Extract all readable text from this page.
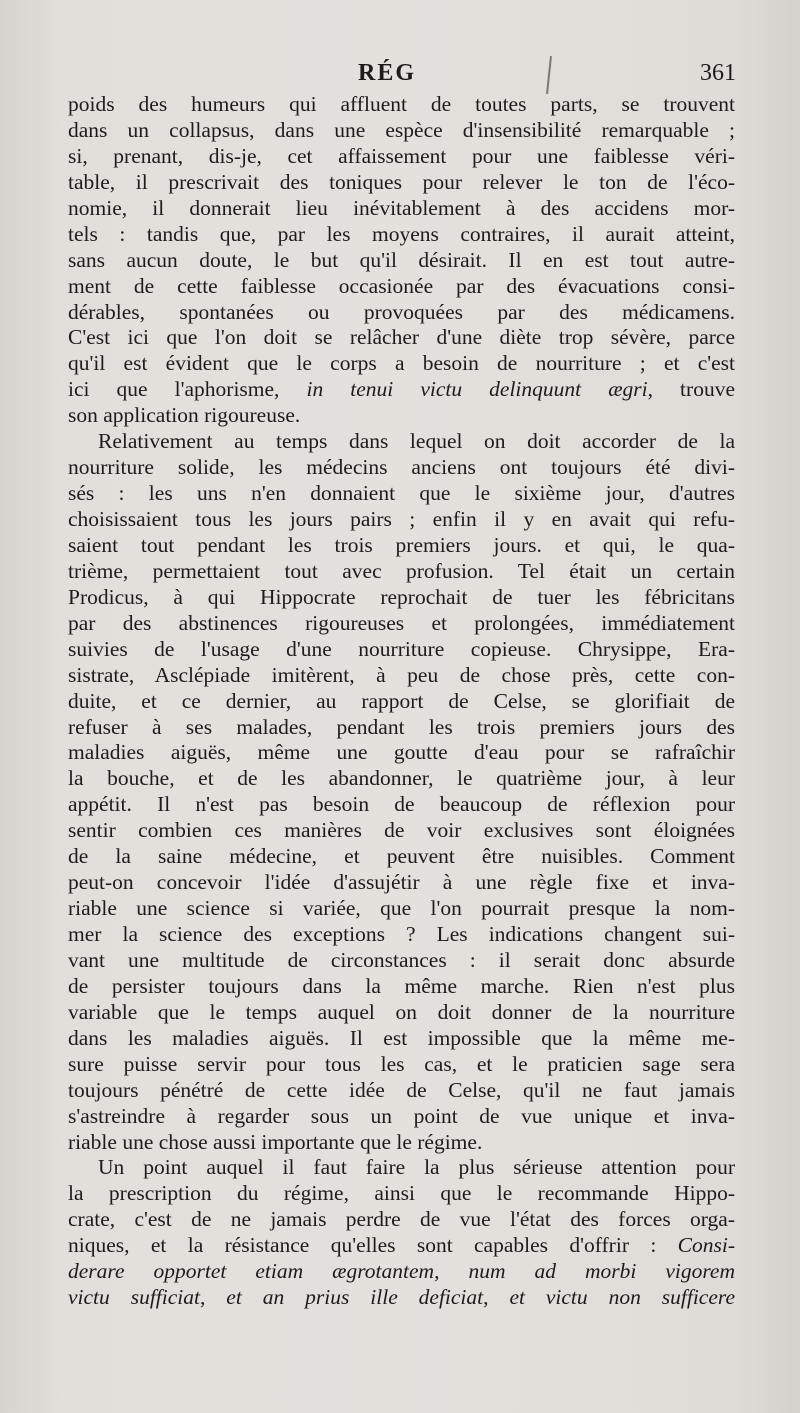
RÉG	361
poids des humeurs qui affluent de toutes parts, se trouvent
dans un collapsus, dans une espèce d'insensibilité remarquable ;
si, prenant, dis-je, cet affaissement pour une faiblesse véri-
table, il prescrivait des toniques pour relever le ton de l'éco-
nomie, il donnerait lieu inévitablement à des accidens mor-
tels : tandis que, par les moyens contraires, il aurait atteint,
sans aucun doute, le but qu'il désirait. Il en est tout autre-
ment de cette faiblesse occasionée par des évacuations consi-
dérables, spontanées ou provoquées par des médicamens.
C'est ici que l'on doit se relâcher d'une diète trop sévère, parce
qu'il est évident que le corps a besoin de nourriture ; et c'est
ici que l'aphorisme, in tenui victu delinquunt ægri, trouve
son application rigoureuse.
Relativement au temps dans lequel on doit accorder de la
nourriture solide, les médecins anciens ont toujours été divi-
sés : les uns n'en donnaient que le sixième jour, d'autres
choisissaient tous les jours pairs ; enfin il y en avait qui refu-
saient tout pendant les trois premiers jours. et qui, le qua-
trième, permettaient tout avec profusion. Tel était un certain
Prodicus, à qui Hippocrate reprochait de tuer les fébricitans
par des abstinences rigoureuses et prolongées, immédiatement
suivies de l'usage d'une nourriture copieuse. Chrysippe, Era-
sistrate, Asclépiade imitèrent, à peu de chose près, cette con-
duite, et ce dernier, au rapport de Celse, se glorifiait de
refuser à ses malades, pendant les trois premiers jours des
maladies aiguës, même une goutte d'eau pour se rafraîchir
la bouche, et de les abandonner, le quatrième jour, à leur
appétit. Il n'est pas besoin de beaucoup de réflexion pour
sentir combien ces manières de voir exclusives sont éloignées
de la saine médecine, et peuvent être nuisibles. Comment
peut-on concevoir l'idée d'assujétir à une règle fixe et inva-
riable une science si variée, que l'on pourrait presque la nom-
mer la science des exceptions ? Les indications changent sui-
vant une multitude de circonstances : il serait donc absurde
de persister toujours dans la même marche. Rien n'est plus
variable que le temps auquel on doit donner de la nourriture
dans les maladies aiguës. Il est impossible que la même me-
sure puisse servir pour tous les cas, et le praticien sage sera
toujours pénétré de cette idée de Celse, qu'il ne faut jamais
s'astreindre à regarder sous un point de vue unique et inva-
riable une chose aussi importante que le régime.
Un point auquel il faut faire la plus sérieuse attention pour
la prescription du régime, ainsi que le recommande Hippo-
crate, c'est de ne jamais perdre de vue l'état des forces orga-
niques, et la résistance qu'elles sont capables d'offrir : Consi-
derare opportet etiam ægrotantem, num ad morbi vigorem
victu sufficiat, et an prius ille deficiat, et victu non sufficere
